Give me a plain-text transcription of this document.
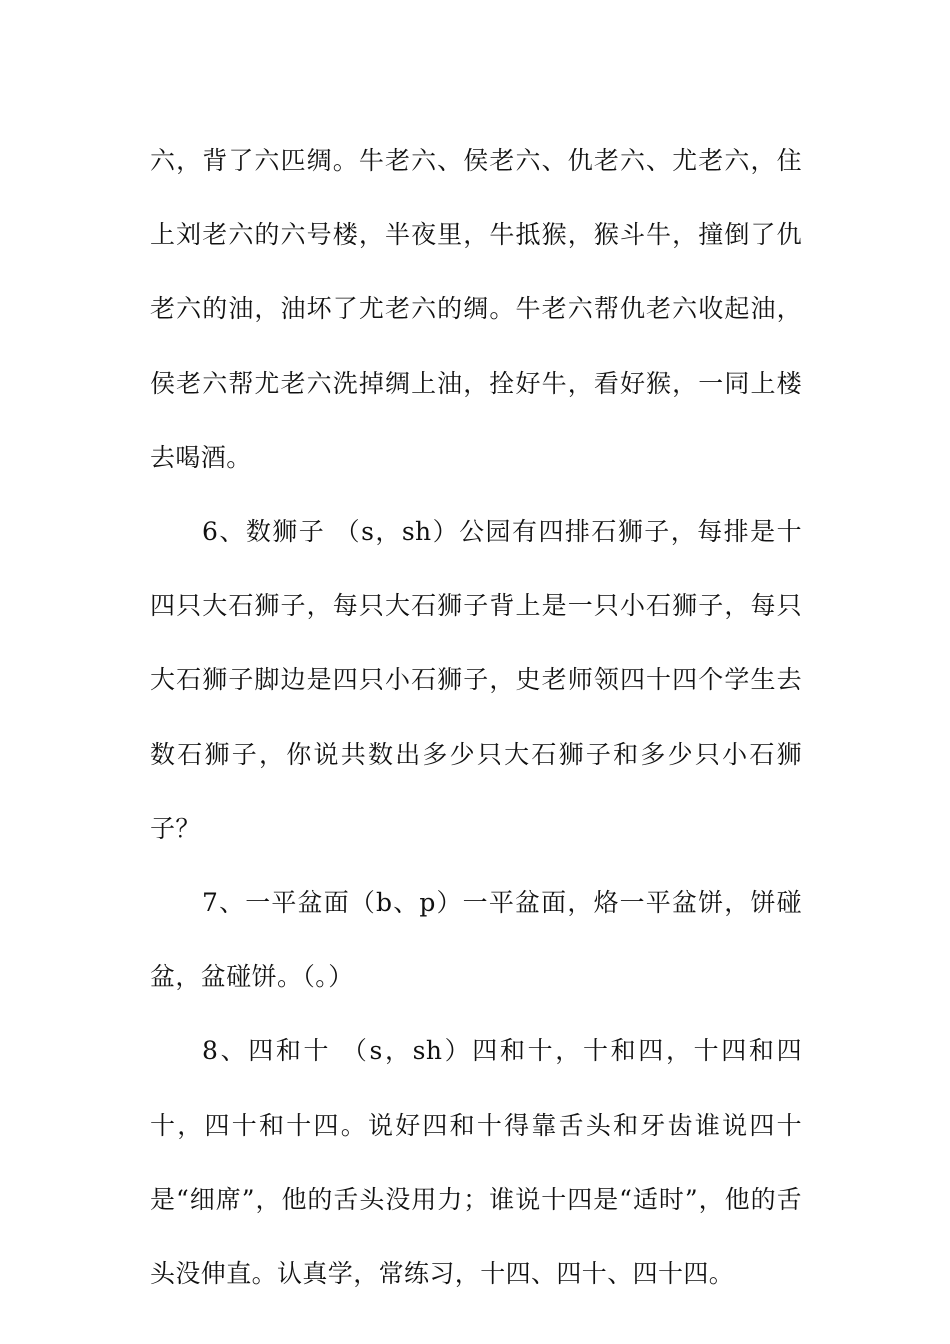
六，背了六匹绸。牛老六、侯老六、仇老六、尤老六，住上刘老六的六号楼，半夜里，牛抵猴，猴斗牛，撞倒了仇老六的油，油坏了尤老六的绸。牛老六帮仇老六收起油，侯老六帮尤老六洗掉绸上油，拴好牛，看好猴，一同上楼去喝酒。

6、数狮子 （s，sh）公园有四排石狮子，每排是十四只大石狮子，每只大石狮子背上是一只小石狮子，每只大石狮子脚边是四只小石狮子，史老师领四十四个学生去数石狮子，你说共数出多少只大石狮子和多少只小石狮子？

7、一平盆面（b、p）一平盆面，烙一平盆饼，饼碰盆，盆碰饼。（。）

8、四和十 （s，sh）四和十，十和四，十四和四十，四十和十四。说好四和十得靠舌头和牙齿谁说四十是“细席”，他的舌头没用力；谁说十四是“适时”，他的舌头没伸直。认真学，常练习，十四、四十、四十四。
